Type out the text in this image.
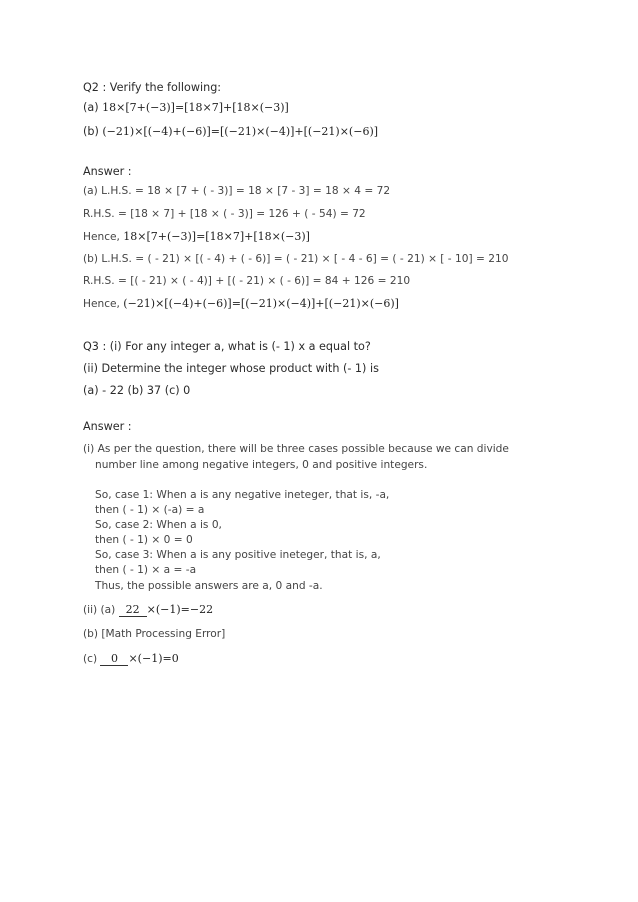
Q2 : Verify the following:
(a) 18×[7+(−3)]=[18×7]+[18×(−3)]
(b) (−21)×[(−4)+(−6)]=[(−21)×(−4)]+[(−21)×(−6)]
Answer :
(a) L.H.S. = 18 × [7 + ( - 3)] = 18 × [7 - 3] = 18 × 4 = 72
R.H.S. = [18 × 7] + [18 × ( - 3)] = 126 + ( - 54) = 72
Hence, 18×[7+(−3)]=[18×7]+[18×(−3)]
(b) L.H.S. = ( - 21) × [( - 4) + ( - 6)] = ( - 21) × [ - 4 - 6] = ( - 21) × [ - 10] = 210
R.H.S. = [( - 21) × ( - 4)] + [( - 21) × ( - 6)] = 84 + 126 = 210
Hence, (−21)×[(−4)+(−6)]=[(−21)×(−4)]+[(−21)×(−6)]
Q3 : (i) For any integer a, what is (- 1) x a equal to?
(ii) Determine the integer whose product with (- 1) is
(a) - 22 (b) 37 (c) 0
Answer :
(i) As per the question, there will be three cases possible because we can divide
number line among negative integers, 0 and positive integers.
So, case 1: When a is any negative ineteger, that is, -a,
then ( - 1) × (-a) = a
So, case 2: When a is 0,
then ( - 1) × 0 = 0
So, case 3: When a is any positive ineteger, that is, a,
then ( - 1) × a = -a
Thus, the possible answers are a, 0 and -a.
(ii) (a) 22 ×(−1)=−22
(b) [Math Processing Error]
(c) 0 ×(−1)=0
